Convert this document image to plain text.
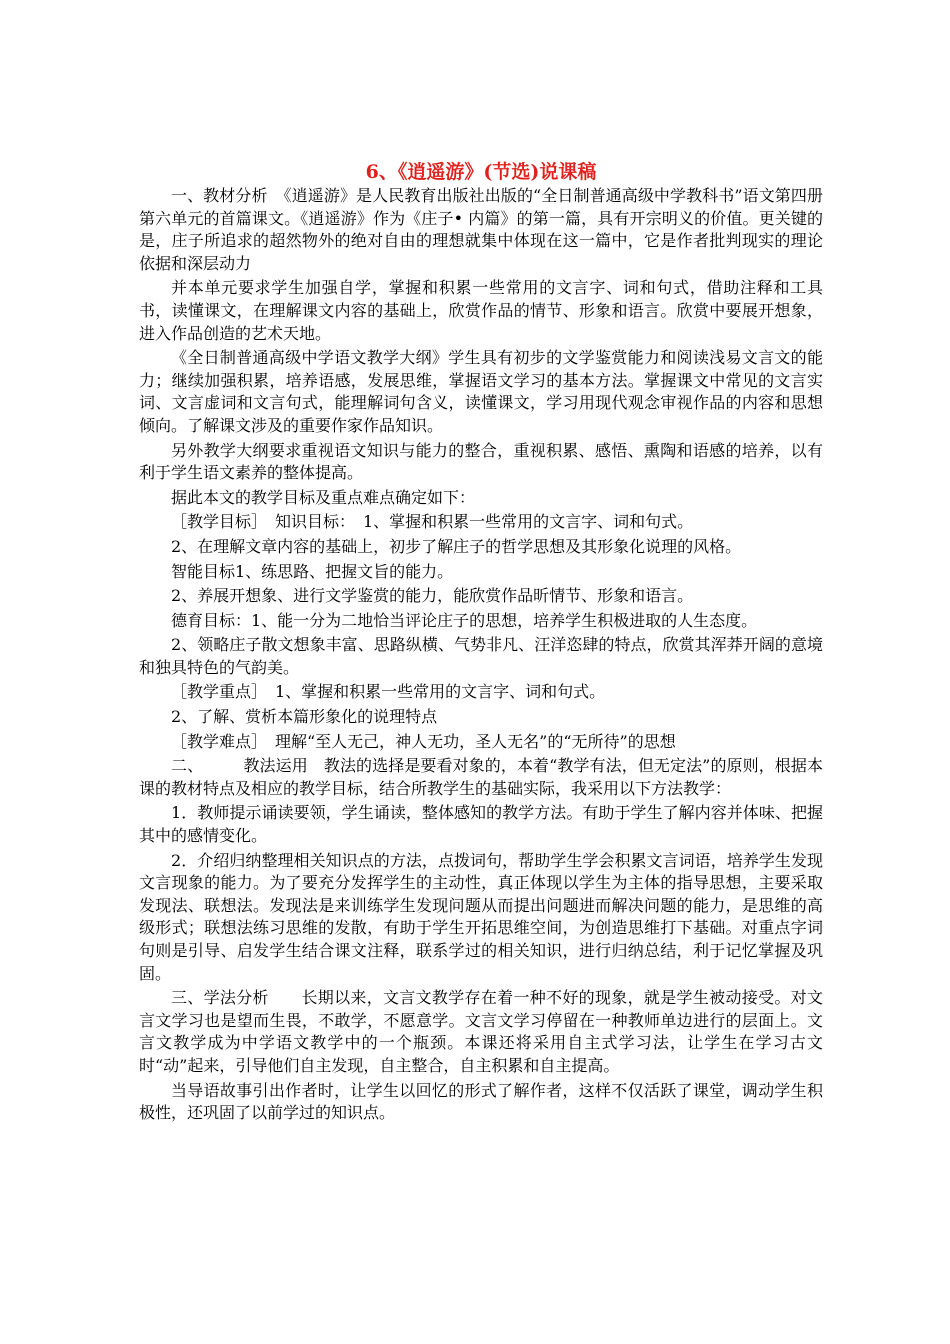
6、《逍遥游》(节选)说课稿

一、教材分析　《逍遥游》是人民教育出版社出版的“全日制普通高级中学教科书”语文第四册第六单元的首篇课文。《逍遥游》作为《庄子• 内篇》的第一篇，具有开宗明义的价值。更关键的是，庄子所追求的超然物外的绝对自由的理想就集中体现在这一篇中，它是作者批判现实的理论依据和深层动力

并本单元要求学生加强自学，掌握和积累一些常用的文言字、词和句式，借助注释和工具书，读懂课文，在理解课文内容的基础上，欣赏作品的情节、形象和语言。欣赏中要展开想象，进入作品创造的艺术天地。

《全日制普通高级中学语文教学大纲》学生具有初步的文学鉴赏能力和阅读浅易文言文的能力；继续加强积累，培养语感，发展思维，掌握语文学习的基本方法。掌握课文中常见的文言实词、文言虚词和文言句式，能理解词句含义，读懂课文，学习用现代观念审视作品的内容和思想倾向。了解课文涉及的重要作家作品知识。

另外教学大纲要求重视语文知识与能力的整合，重视积累、感悟、熏陶和语感的培养，以有利于学生语文素养的整体提高。

据此本文的教学目标及重点难点确定如下：

［教学目标］　知识目标：　1、掌握和积累一些常用的文言字、词和句式。

2、在理解文章内容的基础上，初步了解庄子的哲学思想及其形象化说理的风格。

智能目标1、练思路、把握文旨的能力。

2、养展开想象、进行文学鉴赏的能力，能欣赏作品昕情节、形象和语言。

德育目标：1、能一分为二地恰当评论庄子的思想，培养学生积极进取的人生态度。

2、领略庄子散文想象丰富、思路纵横、气势非凡、汪洋恣肆的特点，欣赏其浑莽开阔的意境和独具特色的气韵美。

［教学重点］　1、掌握和积累一些常用的文言字、词和句式。

2、了解、赏析本篇形象化的说理特点

［教学难点］　理解“至人无己，神人无功，圣人无名”的“无所待”的思想

二、　　　教法运用　教法的选择是要看对象的，本着“教学有法，但无定法”的原则，根据本课的教材特点及相应的教学目标，结合所教学生的基础实际，我采用以下方法教学：

1．教师提示诵读要领，学生诵读，整体感知的教学方法。有助于学生了解内容并体味、把握其中的感情变化。

2．介绍归纳整理相关知识点的方法，点拨词句，帮助学生学会积累文言词语，培养学生发现文言现象的能力。为了要充分发挥学生的主动性，真正体现以学生为主体的指导思想，主要采取发现法、联想法。发现法是来训练学生发现问题从而提出问题进而解决问题的能力，是思维的高级形式；联想法练习思维的发散，有助于学生开拓思维空间，为创造思维打下基础。对重点字词句则是引导、启发学生结合课文注释，联系学过的相关知识，进行归纳总结，利于记忆掌握及巩固。

三、学法分析　　长期以来，文言文教学存在着一种不好的现象，就是学生被动接受。对文言文学习也是望而生畏，不敢学，不愿意学。文言文学习停留在一种教师单边进行的层面上。文言文教学成为中学语文教学中的一个瓶颈。本课还将采用自主式学习法，让学生在学习古文时“动”起来，引导他们自主发现，自主整合，自主积累和自主提高。

当导语故事引出作者时，让学生以回忆的形式了解作者，这样不仅活跃了课堂，调动学生积极性，还巩固了以前学过的知识点。
